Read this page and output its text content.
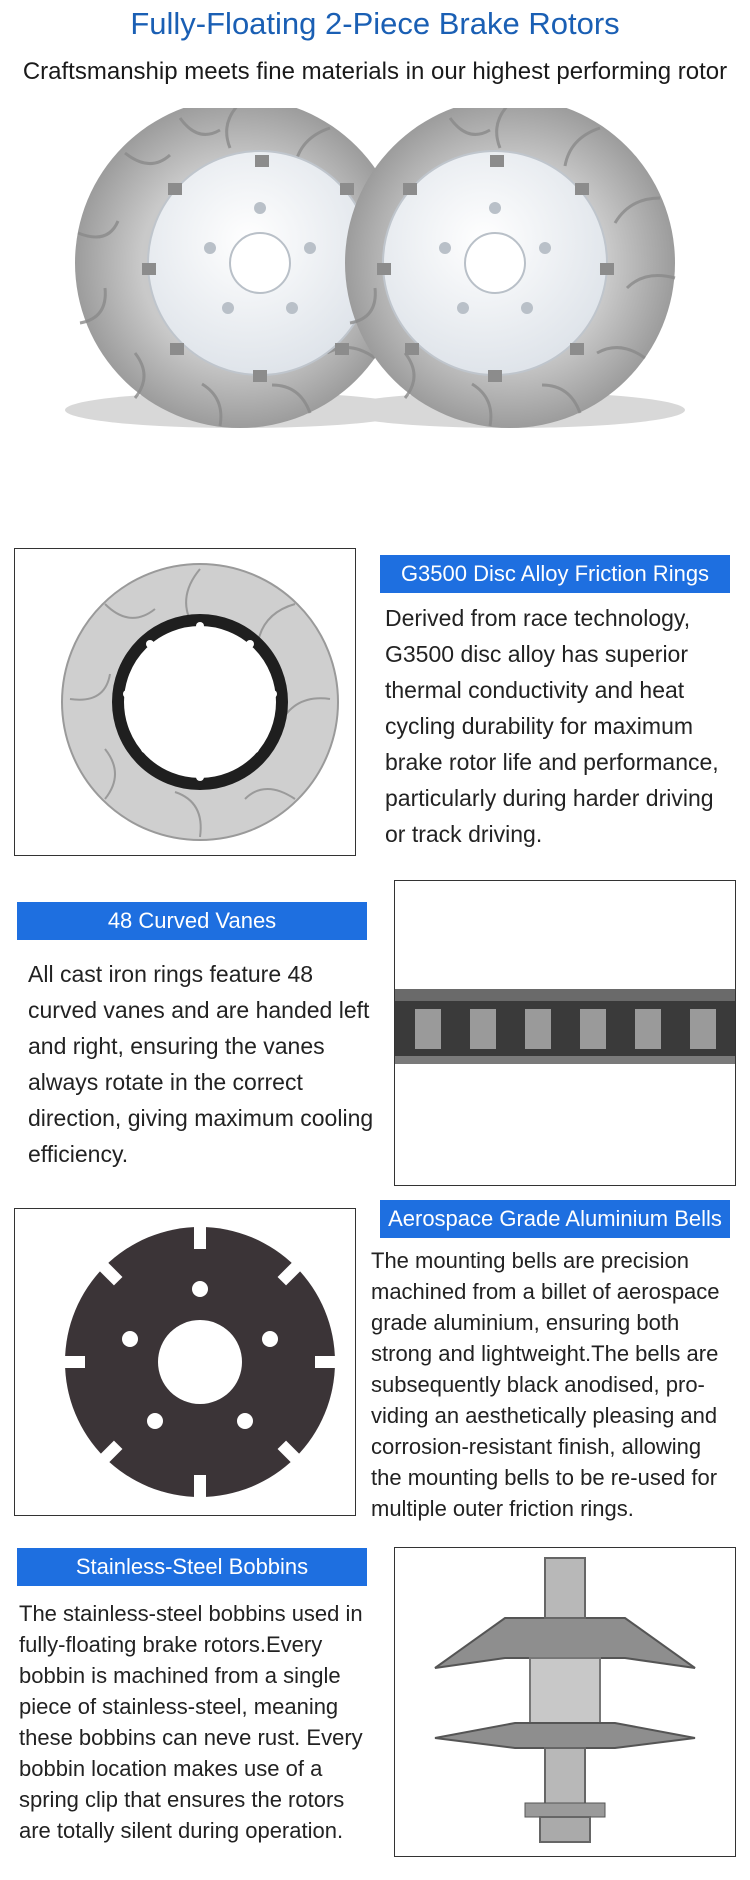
Fully-Floating 2-Piece Brake Rotors
Craftsmanship meets fine materials in our highest performing rotor
G3500 Disc Alloy Friction Rings
Derived from race technology, G3500 disc alloy has superior thermal conductivity and heat cycling durability for maximum brake rotor life and performance, particularly during harder driving or track driving.
48 Curved Vanes
All cast iron rings feature 48 curved vanes and are handed left and right, ensuring the vanes always rotate in the correct direction, giving maximum cooling efficiency.
Aerospace Grade Aluminium Bells
The mounting bells are precision machined from a billet of aerospace grade aluminium, ensuring both strong and lightweight.The bells are subsequently black anodised, pro-viding an aesthetically pleasing and corrosion-resistant finish, allowing the mounting bells to be re-used for multiple outer friction rings.
Stainless-Steel Bobbins
The stainless-steel bobbins used in fully-floating brake rotors.Every bobbin is machined from a single piece of stainless-steel, meaning these bobbins can neve rust. Every bobbin location makes use of a spring clip that ensures the rotors are totally silent during operation.
